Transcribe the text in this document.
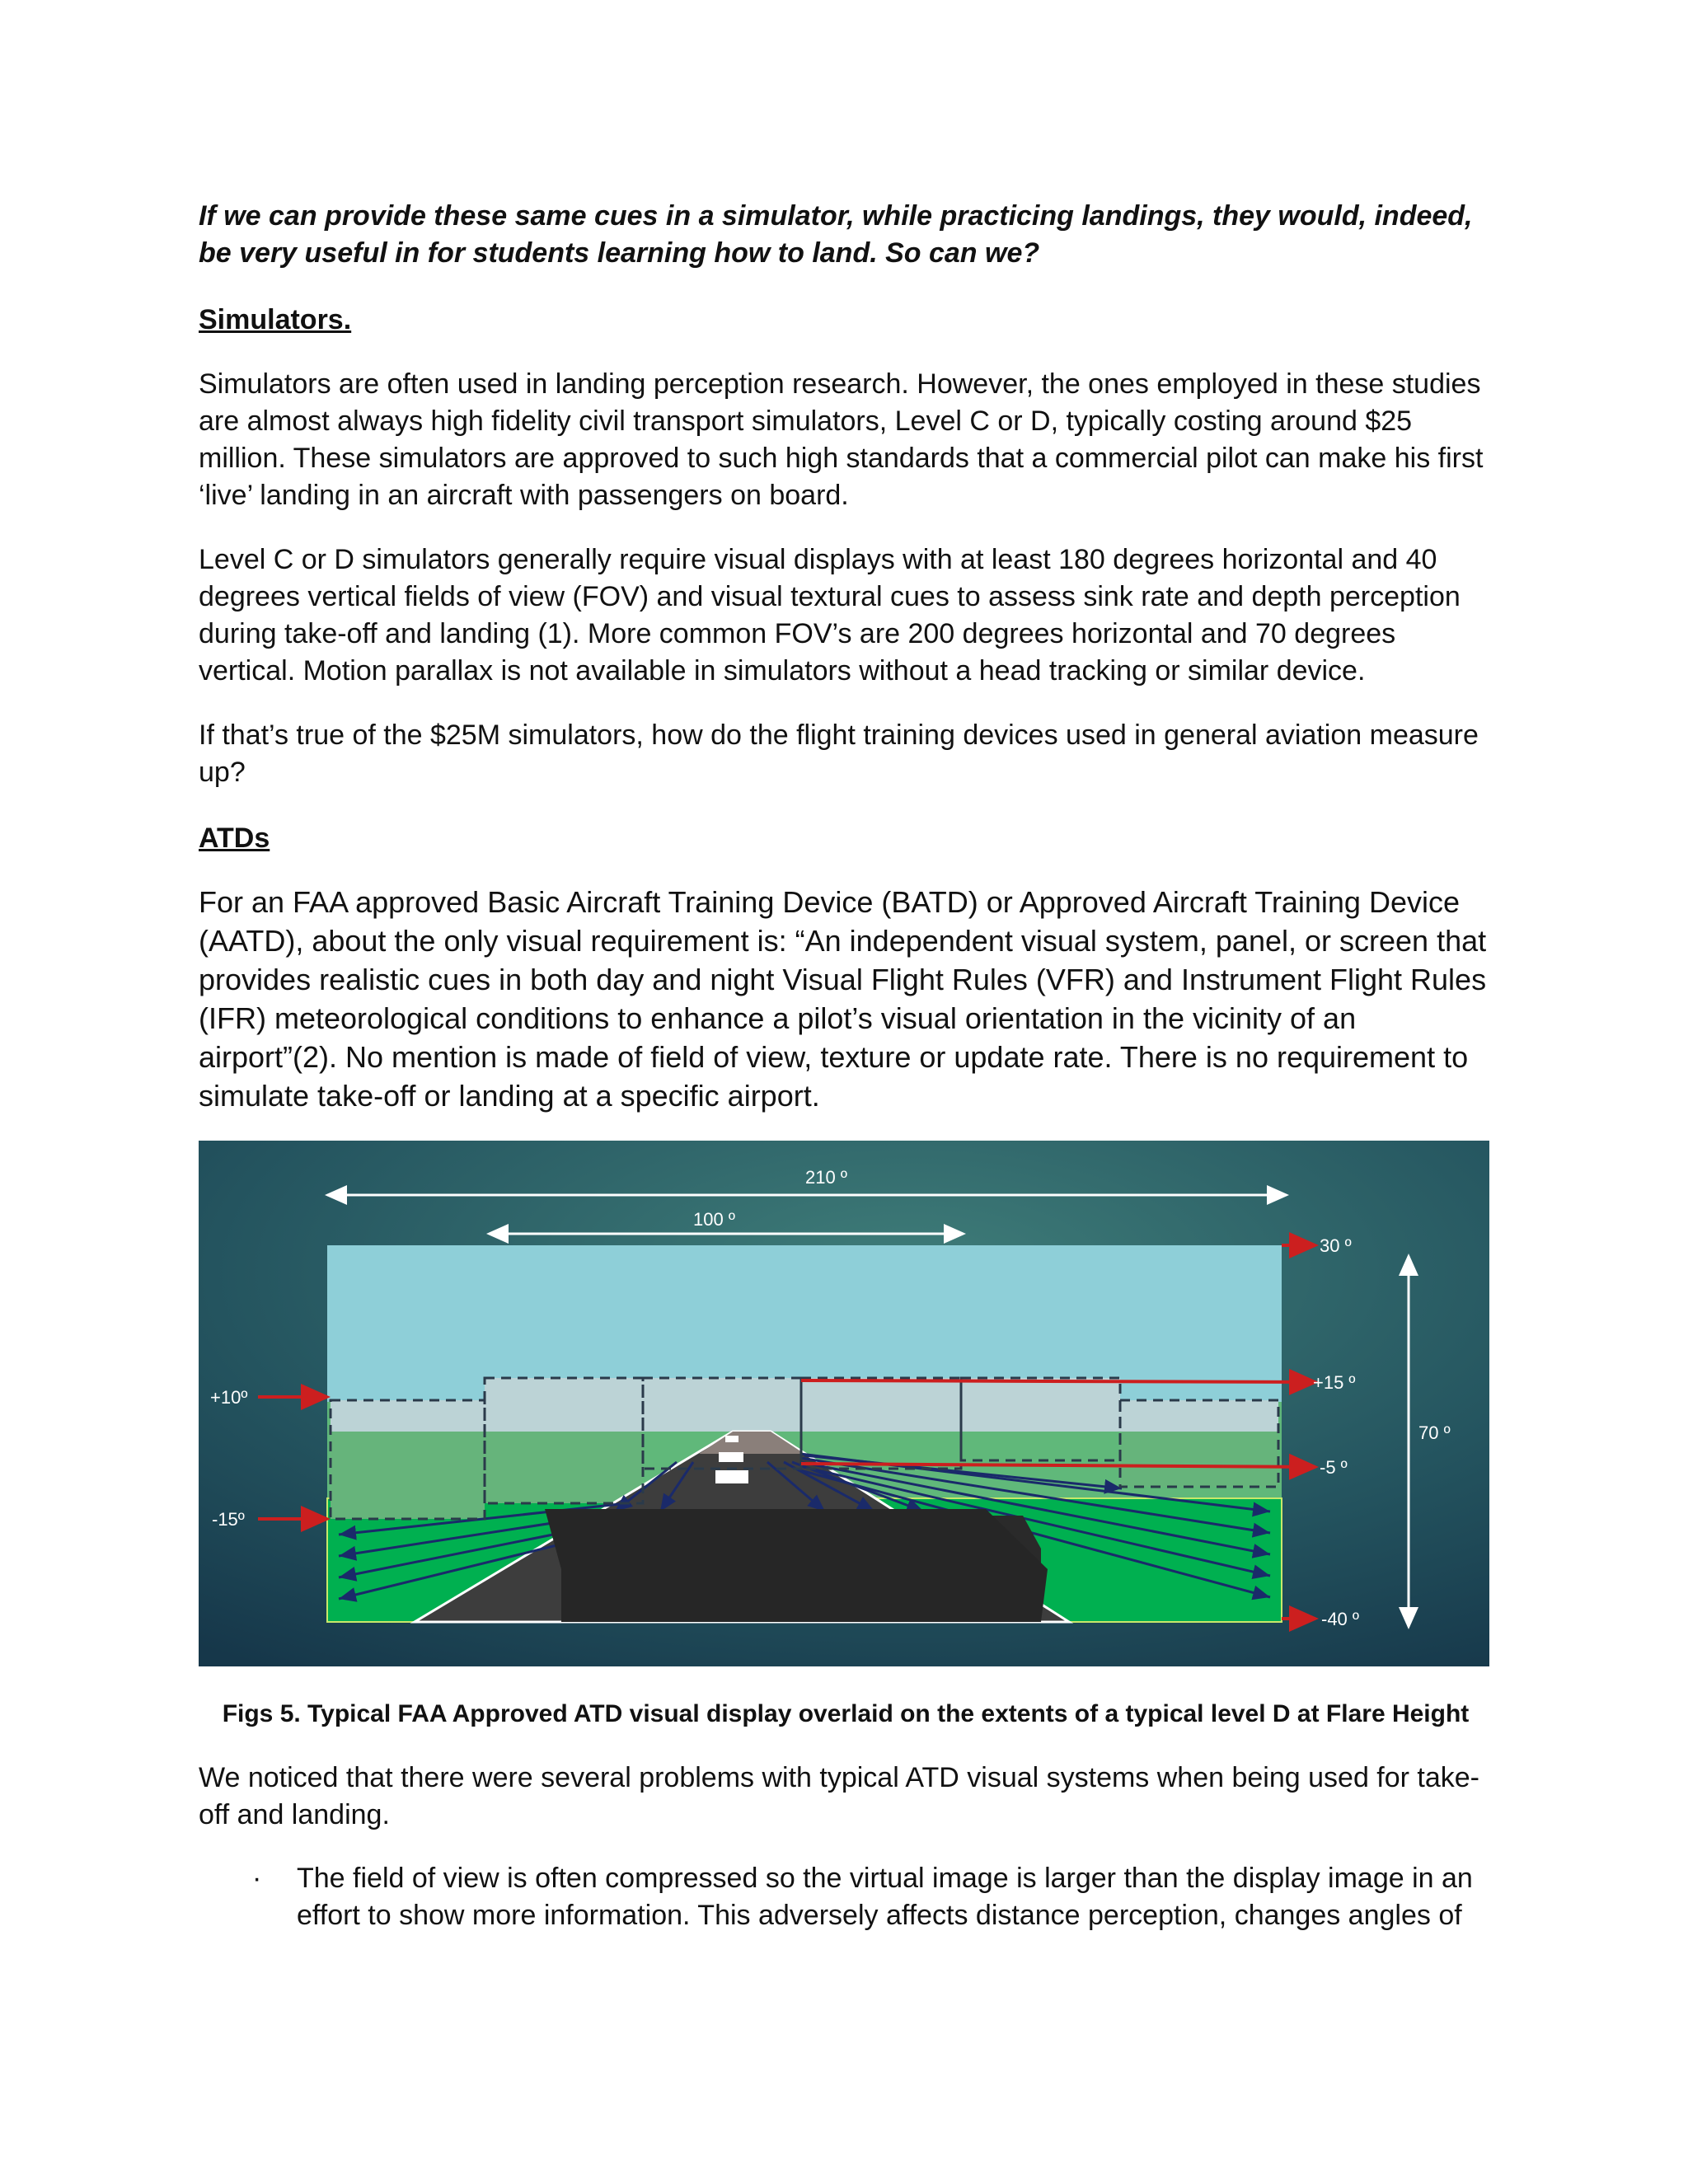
If we can provide these same cues in a simulator, while practicing landings, they would, indeed, be very useful in for students learning how to land. So can we?

Simulators.

Simulators are often used in landing perception research. However, the ones employed in these studies are almost always high fidelity civil transport simulators, Level C or D, typically costing around $25 million. These simulators are approved to such high standards that a commercial pilot can make his first ‘live’ landing in an aircraft with passengers on board.

Level C or D simulators generally require visual displays with at least 180 degrees horizontal and 40 degrees vertical fields of view (FOV) and visual textural cues to assess sink rate and depth perception during take-off and landing (1). More common FOV’s are 200 degrees horizontal and 70 degrees vertical. Motion parallax is not available in simulators without a head tracking or similar device.

If that’s true of the $25M simulators, how do the flight training devices used in general aviation measure up?

ATDs

For an FAA approved Basic Aircraft Training Device (BATD) or Approved Aircraft Training Device (AATD), about the only visual requirement is: “An independent visual system, panel, or screen that provides realistic cues in both day and night Visual Flight Rules (VFR) and Instrument Flight Rules (IFR) meteorological conditions to enhance a pilot’s visual orientation in the vicinity of an airport”(2). No mention is made of field of view, texture or update rate. There is no requirement to simulate take-off or landing at a specific airport.

210 º
100 º
30 º
+15 º
-5 º
70 º
-40 º
+10º
-15º

Figs 5. Typical FAA Approved ATD visual display overlaid on the extents of a typical level D at Flare Height

We noticed that there were several problems with typical ATD visual systems when being used for take-off and landing.

·	The field of view is often compressed so the virtual image is larger than the display image in an effort to show more information. This adversely affects distance perception, changes angles of
